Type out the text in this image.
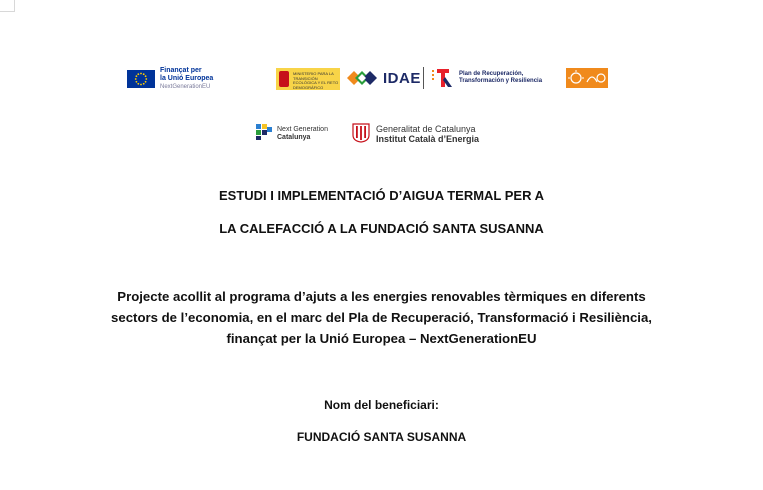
Finançat per
la Unió Europea
NextGenerationEU
MINISTERIO PARA LA TRANSICIÓN ECOLÓGICA Y EL RETO DEMOGRÁFICO	IDAE	Plan de Recuperación,
Transformación y Resiliencia
Next Generation
Catalunya
Generalitat de Catalunya
Institut Català d’Energia
ESTUDI I IMPLEMENTACIÓ D’AIGUA TERMAL PER A
LA CALEFACCIÓ A LA FUNDACIÓ SANTA SUSANNA
Projecte acollit al programa d’ajuts a les energies renovables tèrmiques en diferents
sectors de l’economia, en el marc del Pla de Recuperació, Transformació i Resiliència,
finançat per la Unió Europea – NextGenerationEU
Nom del beneficiari:
FUNDACIÓ SANTA SUSANNA
